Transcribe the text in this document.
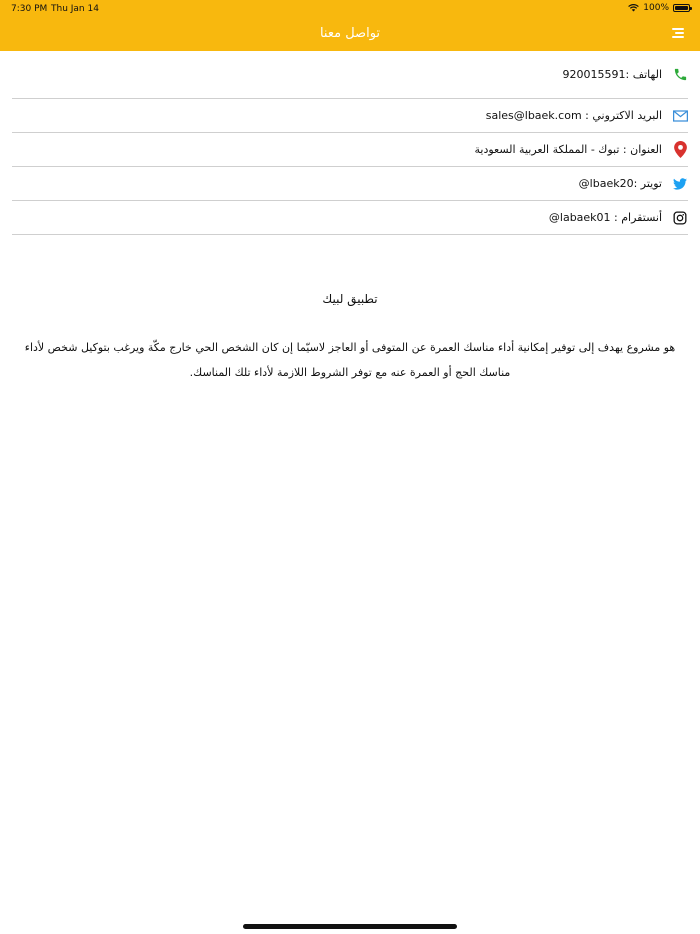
7:30 PM Thu Jan 14	100%
تواصل معنا
الهاتف :920015591
البريد الاكتروني : sales@lbaek.com
العنوان : تبوك - المملكة العربية السعودية
تويتر :lbaek20@
أنستقرام : labaek01@
تطبيق لبيك
هو مشروع يهدف إلى توفير إمكانية أداء مناسك العمرة عن المتوفى أو العاجز لاسيّما إن كان الشخص الحي خارج مكّة ويرغب بتوكيل شخص لأداء مناسك الحج أو العمرة عنه مع توفر الشروط اللازمة لأداء تلك المناسك.
